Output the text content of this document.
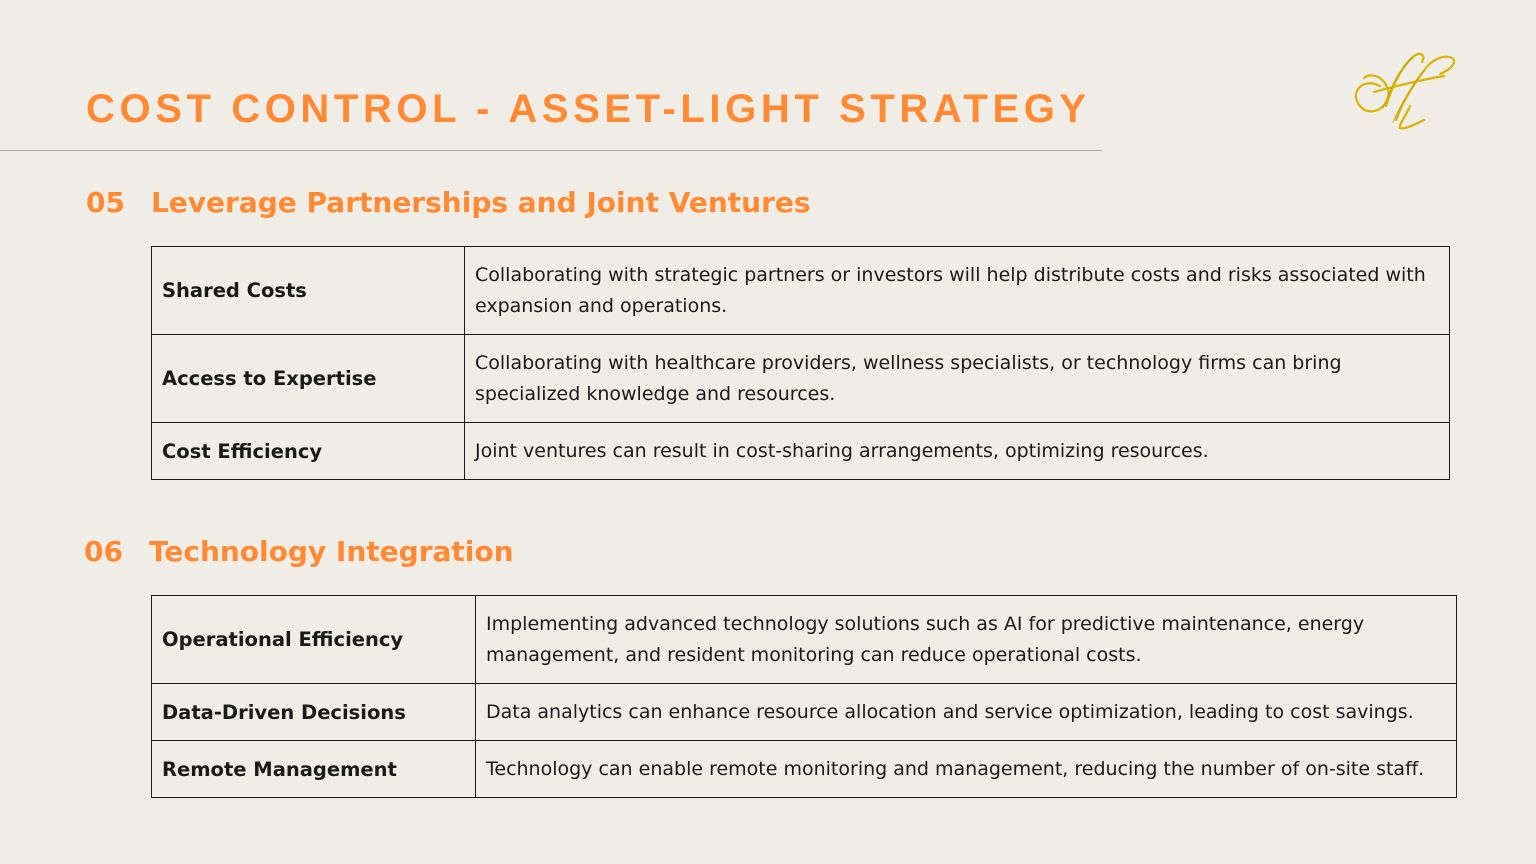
COST CONTROL - ASSET-LIGHT STRATEGY
05 Leverage Partnerships and Joint Ventures
Shared Costs	Collaborating with strategic partners or investors will help distribute costs and risks associated with expansion and operations.
Access to Expertise	Collaborating with healthcare providers, wellness specialists, or technology firms can bring specialized knowledge and resources.
Cost Efficiency	Joint ventures can result in cost-sharing arrangements, optimizing resources.
06 Technology Integration
Operational Efficiency	Implementing advanced technology solutions such as AI for predictive maintenance, energy management, and resident monitoring can reduce operational costs.
Data-Driven Decisions	Data analytics can enhance resource allocation and service optimization, leading to cost savings.
Remote Management	Technology can enable remote monitoring and management, reducing the number of on-site staff.
